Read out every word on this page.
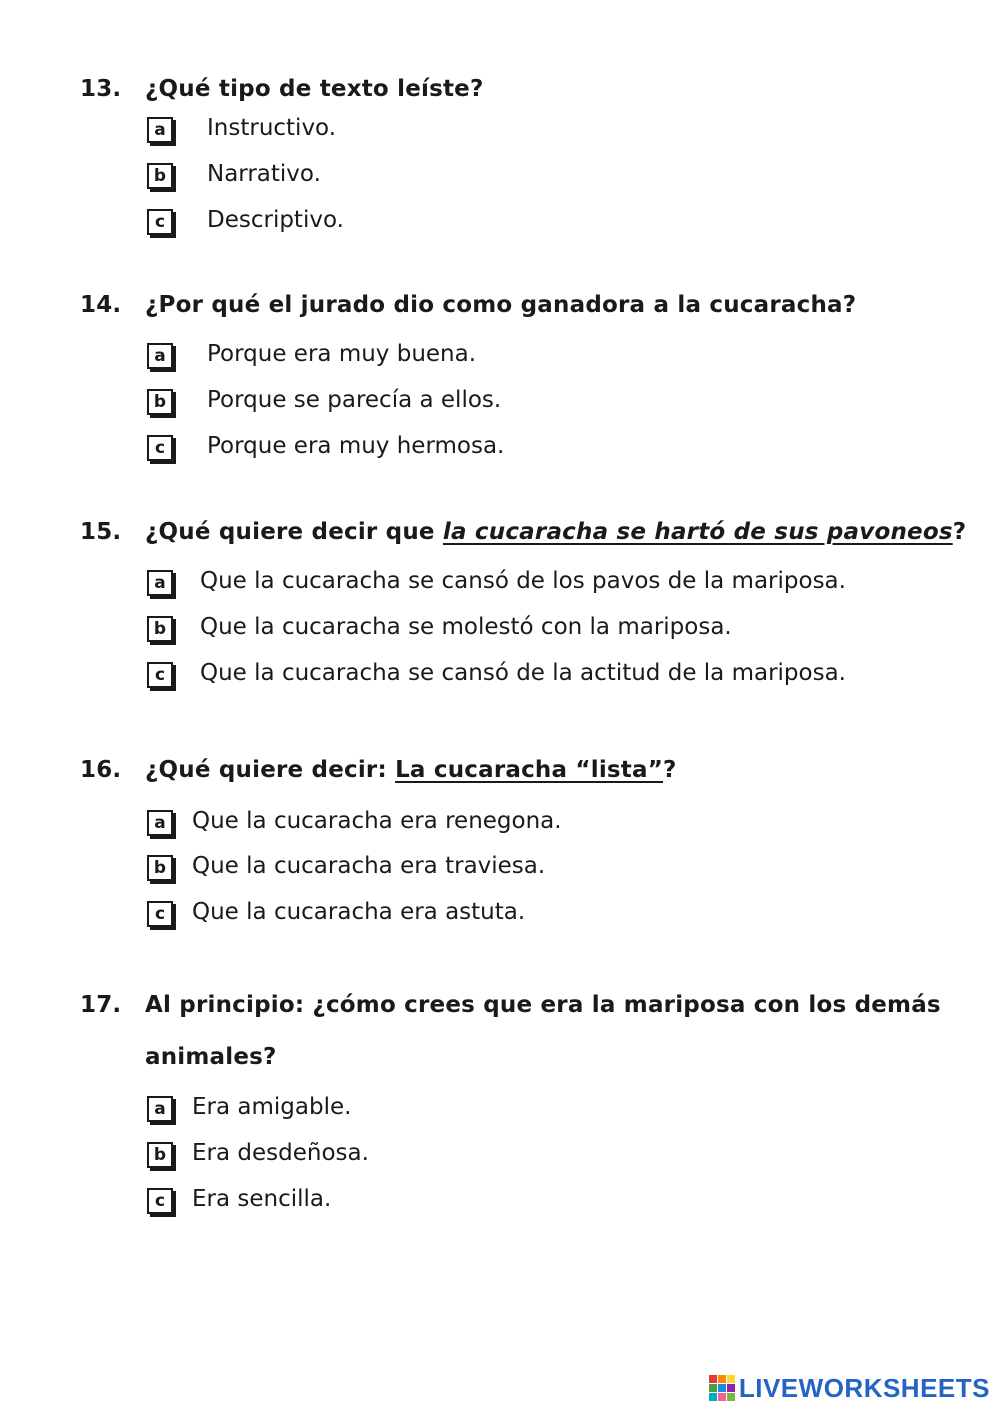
13. ¿Qué tipo de texto leíste?
a	Instructivo.
b	Narrativo.
c	Descriptivo.
14. ¿Por qué el jurado dio como ganadora a la cucaracha?
a	Porque era muy buena.
b	Porque se parecía a ellos.
c	Porque era muy hermosa.
15. ¿Qué quiere decir que la cucaracha se hartó de sus pavoneos?
a	Que la cucaracha se cansó de los pavos de la mariposa.
b	Que la cucaracha se molestó con la mariposa.
c	Que la cucaracha se cansó de la actitud de la mariposa.
16. ¿Qué quiere decir: La cucaracha “lista”?
a	Que la cucaracha era renegona.
b	Que la cucaracha era traviesa.
c	Que la cucaracha era astuta.
17. Al principio: ¿cómo crees que era la mariposa con los demás
animales?
a	Era amigable.
b	Era desdeñosa.
c	Era sencilla.
LIVEWORKSHEETS
